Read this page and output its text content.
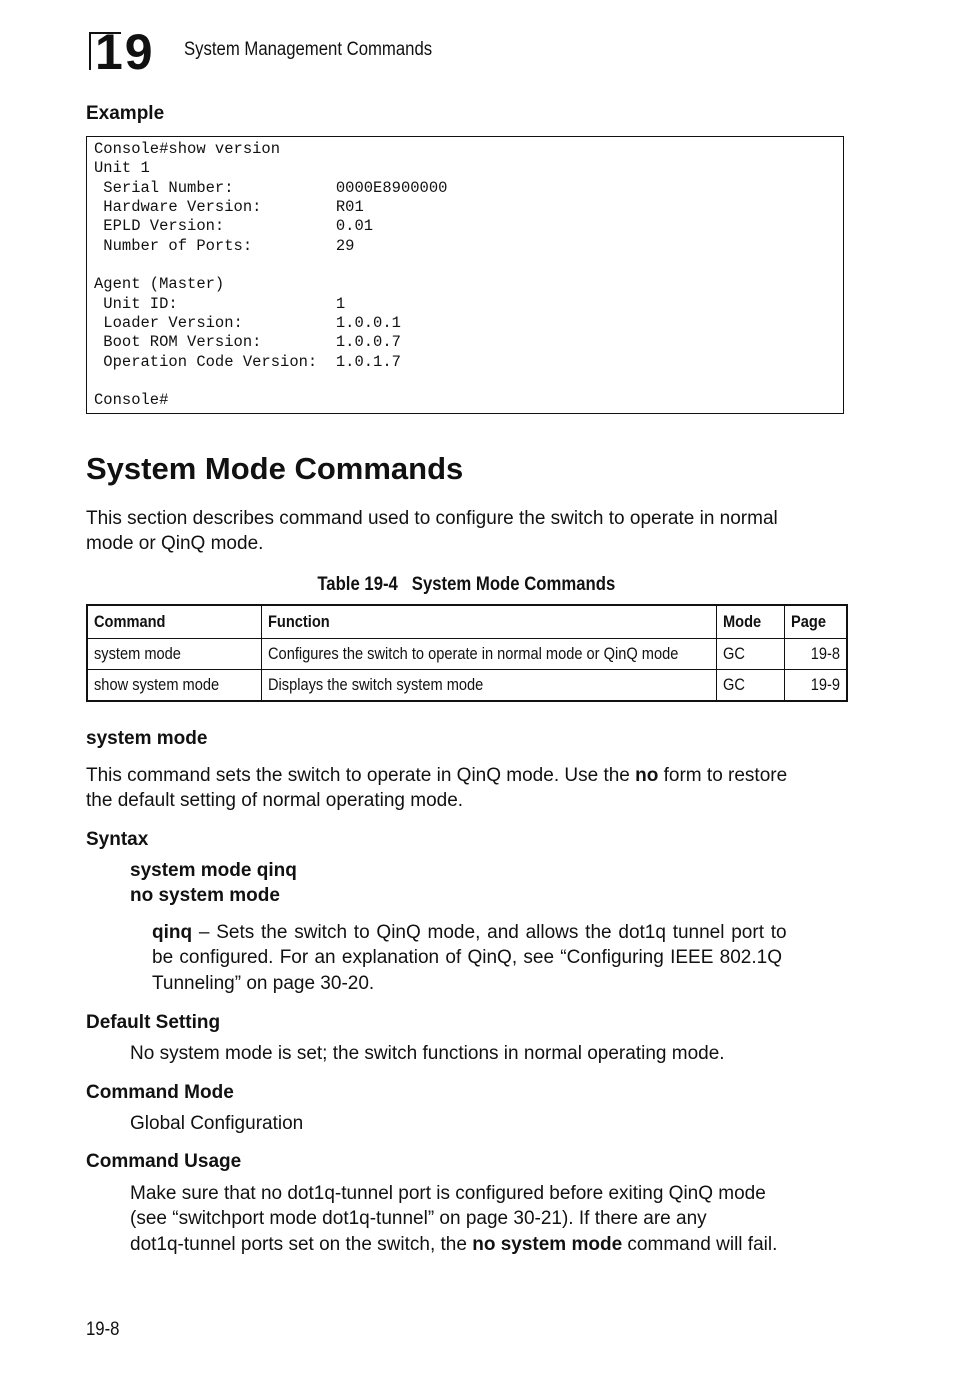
19 System Management Commands
Example
Console#show version
Unit 1
Serial Number:           0000E8900000
Hardware Version:        R01
EPLD Version:            0.01
Number of Ports:         29

Agent (Master)
Unit ID:                 1
Loader Version:          1.0.0.1
Boot ROM Version:        1.0.0.7
Operation Code Version:  1.0.1.7

Console#
System Mode Commands
This section describes command used to configure the switch to operate in normal
mode or QinQ mode.
Table 19-4   System Mode Commands
Command	Function	Mode	Page
system mode	Configures the switch to operate in normal mode or QinQ mode	GC	19-8
show system mode	Displays the switch system mode	GC	19-9
system mode
This command sets the switch to operate in QinQ mode. Use the no form to restore
the default setting of normal operating mode.
Syntax
system mode qinq
no system mode
qinq – Sets the switch to QinQ mode, and allows the dot1q tunnel port to
be configured. For an explanation of QinQ, see “Configuring IEEE 802.1Q
Tunneling” on page 30-20.
Default Setting
No system mode is set; the switch functions in normal operating mode.
Command Mode
Global Configuration
Command Usage
Make sure that no dot1q-tunnel port is configured before exiting QinQ mode
(see “switchport mode dot1q-tunnel” on page 30-21). If there are any
dot1q-tunnel ports set on the switch, the no system mode command will fail.
19-8
